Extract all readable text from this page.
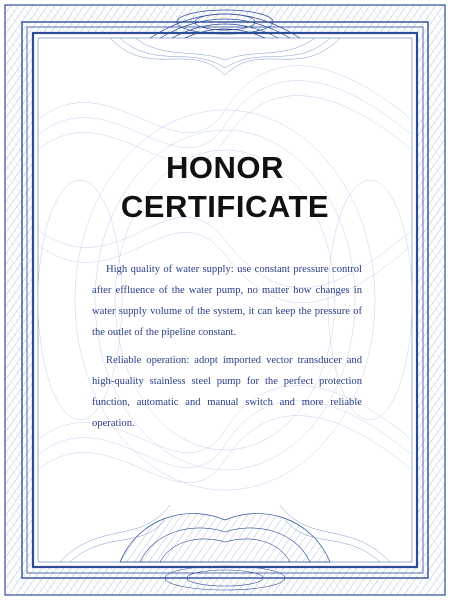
HONOR
CERTIFICATE

High quality of water supply: use constant pressure control after effluence of the water pump, no matter how changes in water supply volume of the system, it can keep the pressure of the outlet of the pipeline constant.

Reliable operation: adopt imported vector transducer and high-quality stainless steel pump for the perfect protection function, automatic and manual switch and more reliable operation.
